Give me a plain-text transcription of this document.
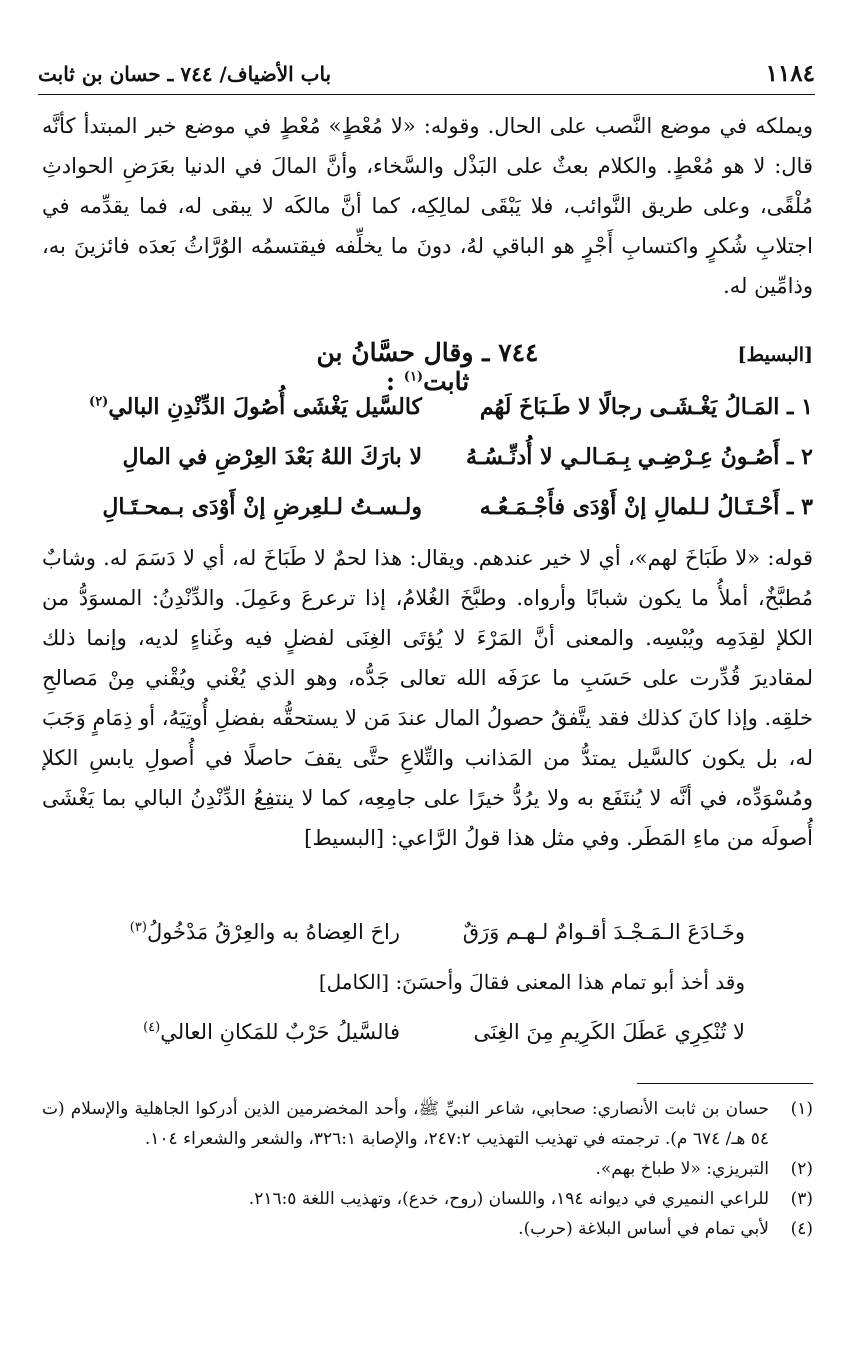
١١٨٤
باب الأضياف/ ٧٤٤ ـ حسان بن ثابت
ويملكه في موضع النَّصب على الحال. وقوله: «لا مُعْطٍ» مُعْطٍ في موضع خبر المبتدأ كأنَّه قال: لا هو مُعْطٍ. والكلام بعثٌ على البَذْل والسَّخاء، وأنَّ المالَ في الدنيا بعَرَضِ الحوادثِ مُلْقًى، وعلى طريق النَّوائب، فلا يَبْقَى لمالِكِه، كما أنَّ مالكَه لا يبقى له، فما يقدِّمه في اجتلابِ شُكرٍ واكتسابِ أَجْرٍ هو الباقي لهُ، دونَ ما يخلِّفه فيقتسمُه الوُرَّاثُ بَعدَه فائزينَ به، وذامِّين له.
٧٤٤ ـ وقال حسَّانُ بن ثابت$^{(١)}$ :
[البسيط]
١ ـ المَـالُ يَغْـشَـى رجالًا لا طَـبَاخَ لَهُم
كالسَّيل يَغْشَى أُصُولَ الدِّنْدِنِ البالي$^{(٢)}$
٢ ـ أَصُـونُ عِـرْضِـي بِـمَـالـي لا أُدنِّـسُـهُ
لا بارَكَ اللهُ بَعْدَ العِرْضِ في المالِ
٣ ـ أَحْـتَـالُ لـلمالِ إنْ أَوْدَى فأَجْـمَـعُـه
ولـسـتُ لـلعِرضِ إنْ أَوْدَى بـمحـتَـالِ
قوله: «لا طَبَاخَ لهم»، أي لا خير عندهم. ويقال: هذا لحمٌ لا طَبَاخَ له، أي لا دَسَمَ له. وشابٌ مُطبَّخٌ، أملأُ ما يكون شبابًا وأرواه. وطبَّخَ الغُلامُ، إذا ترعرعَ وعَمِلَ. والدِّنْدِنُ: المسوَدُّ من الكلإ لقِدَمِه ويُبْسِه. والمعنى أنَّ المَرْءَ لا يُؤتَى الغِنَى لفضلٍ فيه وغَناءٍ لديه، وإنما ذلك لمقاديرَ قُدِّرت على حَسَبِ ما عرَفَه الله تعالى جَدُّه، وهو الذي يُغْني ويُقْني مِنْ مَصالحِ خلقِه. وإذا كانَ كذلك فقد يتَّفقُ حصولُ المال عندَ مَن لا يستحقُّه بفضلِ أُوتِيَهُ، أو ذِمَامٍ وَجَبَ له، بل يكون كالسَّيل يمتدُّ من المَذانب والتِّلاعِ حتَّى يقفَ حاصلًا في أُصولِ يابسِ الكلإ ومُسْوَدِّه، في أنَّه لا يُنتَفَع به ولا يرُدُّ خيرًا على جامِعِه، كما لا ينتفِعُ الدِّنْدِنُ البالي بما يَغْشَى أُصولَه من ماءِ المَطَر. وفي مثل هذا قولُ الرَّاعي: [البسيط]
وخَـادَعَ الـمَـجْـدَ أقـوامٌ لـهـم وَرَقٌ
راحَ العِضاهُ به والعِرْقُ مَدْخُولُ$^{(٣)}$
وقد أخذ أبو تمام هذا المعنى فقالَ وأحسَنَ: [الكامل]
لا تُنْكِرِي عَطَلَ الكَرِيمِ مِنَ الغِنَى
فالسَّيلُ حَرْبٌ للمَكانِ العالي$^{(٤)}$
(١)
حسان بن ثابت الأنصاري: صحابي، شاعر النبيِّ ﷺ، وأحد المخضرمين الذين أدركوا الجاهلية والإسلام (ت ٥٤ هـ/ ٦٧٤ م). ترجمته في تهذيب التهذيب ٢٤٧:٢، والإصابة ٣٢٦:١، والشعر والشعراء ١٠٤.
(٢)
التبريزي: «لا طباخ بهم».
(٣)
للراعي النميري في ديوانه ١٩٤، واللسان (روح، خدع)، وتهذيب اللغة ٢١٦:٥.
(٤)
لأبي تمام في أساس البلاغة (حرب).
